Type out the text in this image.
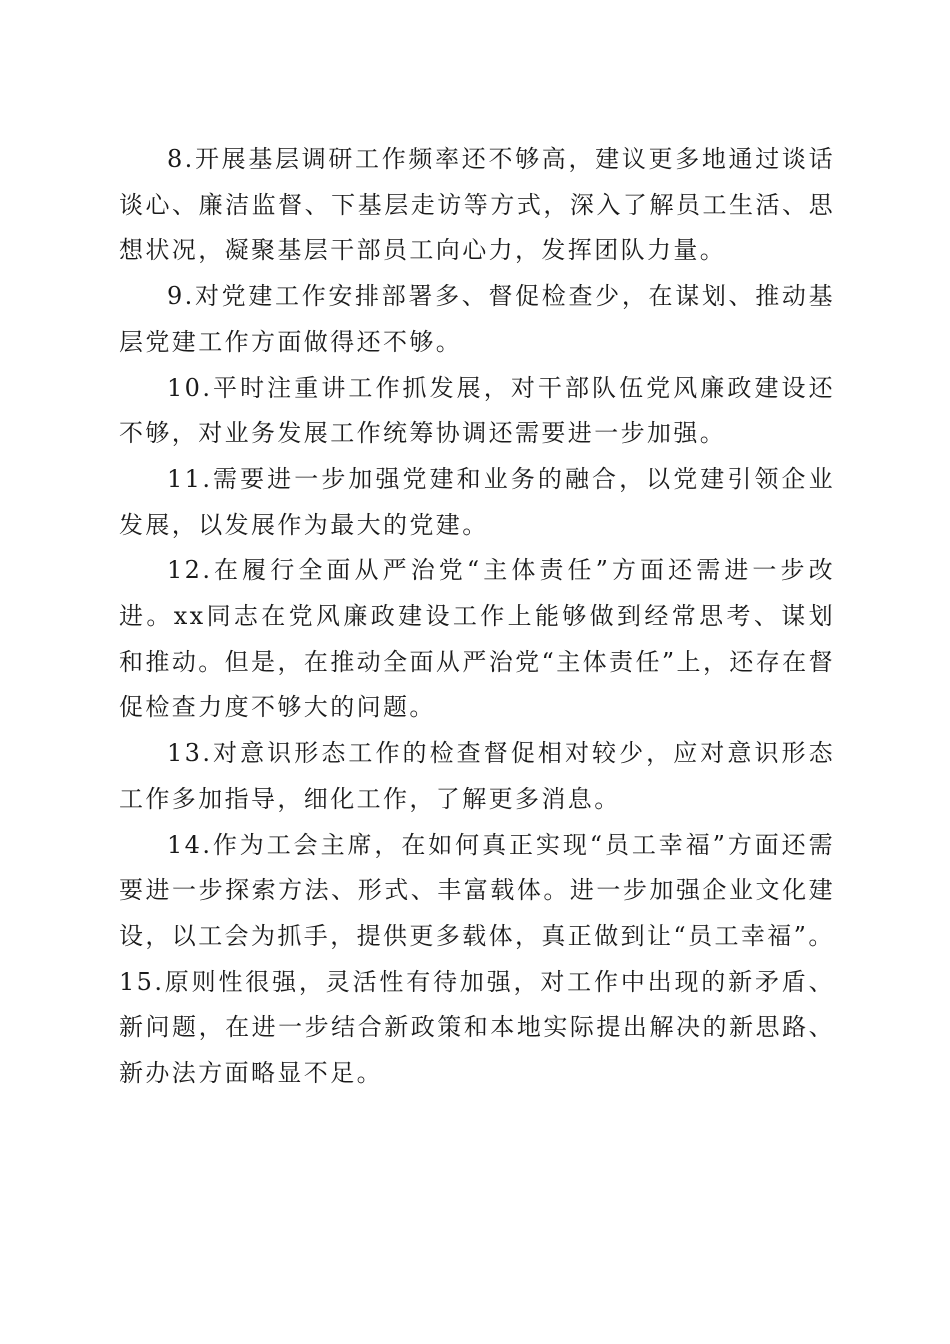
8.开展基层调研工作频率还不够高，建议更多地通过谈话谈心、廉洁监督、下基层走访等方式，深入了解员工生活、思想状况，凝聚基层干部员工向心力，发挥团队力量。

9.对党建工作安排部署多、督促检查少，在谋划、推动基层党建工作方面做得还不够。

10.平时注重讲工作抓发展，对干部队伍党风廉政建设还不够，对业务发展工作统筹协调还需要进一步加强。

11.需要进一步加强党建和业务的融合，以党建引领企业发展，以发展作为最大的党建。

12.在履行全面从严治党“主体责任”方面还需进一步改进。xx同志在党风廉政建设工作上能够做到经常思考、谋划和推动。但是，在推动全面从严治党“主体责任”上，还存在督促检查力度不够大的问题。

13.对意识形态工作的检查督促相对较少，应对意识形态工作多加指导，细化工作，了解更多消息。

14.作为工会主席，在如何真正实现“员工幸福”方面还需要进一步探索方法、形式、丰富载体。进一步加强企业文化建设，以工会为抓手，提供更多载体，真正做到让“员工幸福”。

15.原则性很强，灵活性有待加强，对工作中出现的新矛盾、新问题，在进一步结合新政策和本地实际提出解决的新思路、新办法方面略显不足。
